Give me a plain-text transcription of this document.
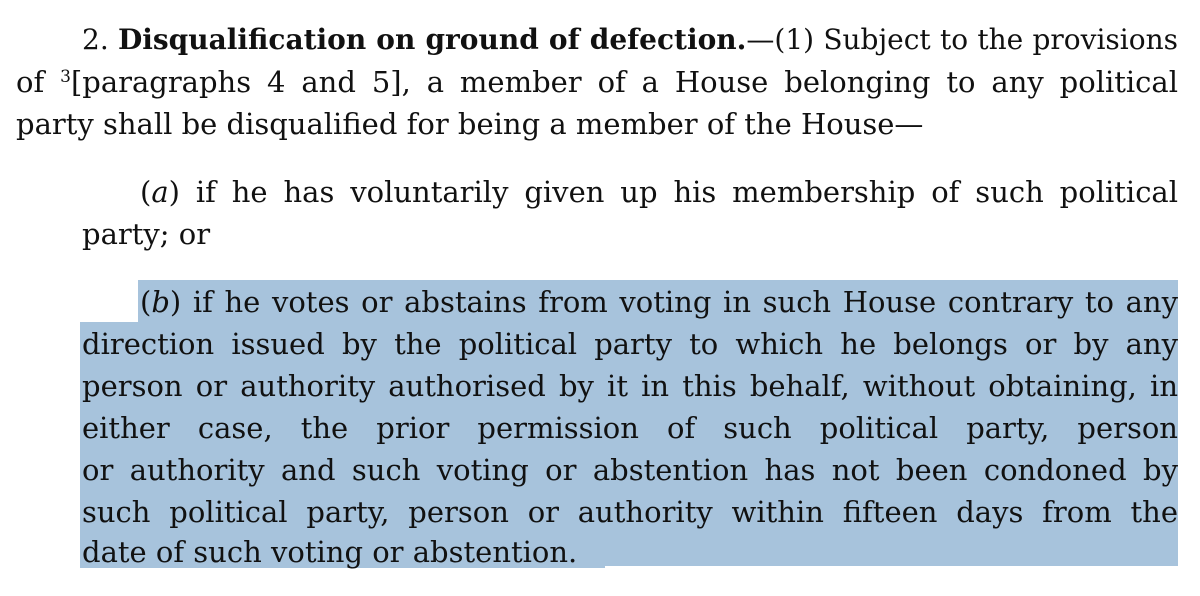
2. Disqualification on ground of defection.—(1) Subject to the provisions
of $^3$[paragraphs 4 and 5], a member of a House belonging to any political
party shall be disqualified for being a member of the House—
(a) if he has voluntarily given up his membership of such political
party; or
(b) if he votes or abstains from voting in such House contrary to any
direction issued by the political party to which he belongs or by any
person or authority authorised by it in this behalf, without obtaining, in
either case, the prior permission of such political party, person
or authority and such voting or abstention has not been condoned by
such political party, person or authority within fifteen days from the
date of such voting or abstention.
